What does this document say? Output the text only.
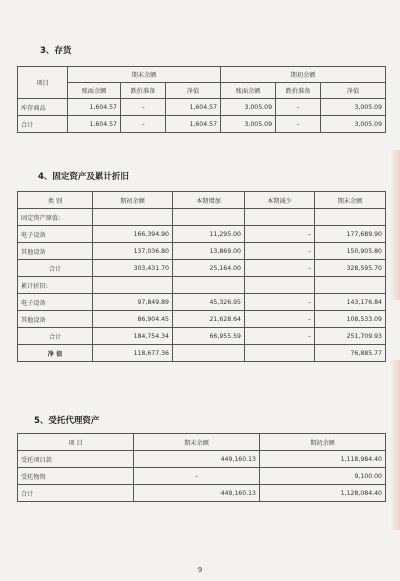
3、存货
项目	期末余额			期初余额		
	账面余额	跌价准备	净值	账面余额	跌价准备	净值
库存商品	1,604.57	–	1,604.57	3,005.09	–	3,005.09
合计	1,604.57	–	1,604.57	3,005.09	–	3,005.09
4、固定资产及累计折旧
类 别	期初余额	本期增加	本期减少	期末余额
固定资产原值:				
电子设备	166,394.90	11,295.00	–	177,689.90
其他设备	137,036.80	13,869.00	–	150,905.80
合计	303,431.70	25,164.00	–	328,595.70
累计折旧:				
电子设备	97,849.89	45,326.95	–	143,176.84
其他设备	86,904.45	21,628.64	–	108,533.09
合计	184,754.34	66,955.59	–	251,709.93
净 值	118,677.36			76,885.77
5、受托代理资产
项 目	期末余额	期初余额
受托项目款	449,160.13	1,118,984.40
受托物资	–	9,100.00
合计	449,160.13	1,128,084.40
9
